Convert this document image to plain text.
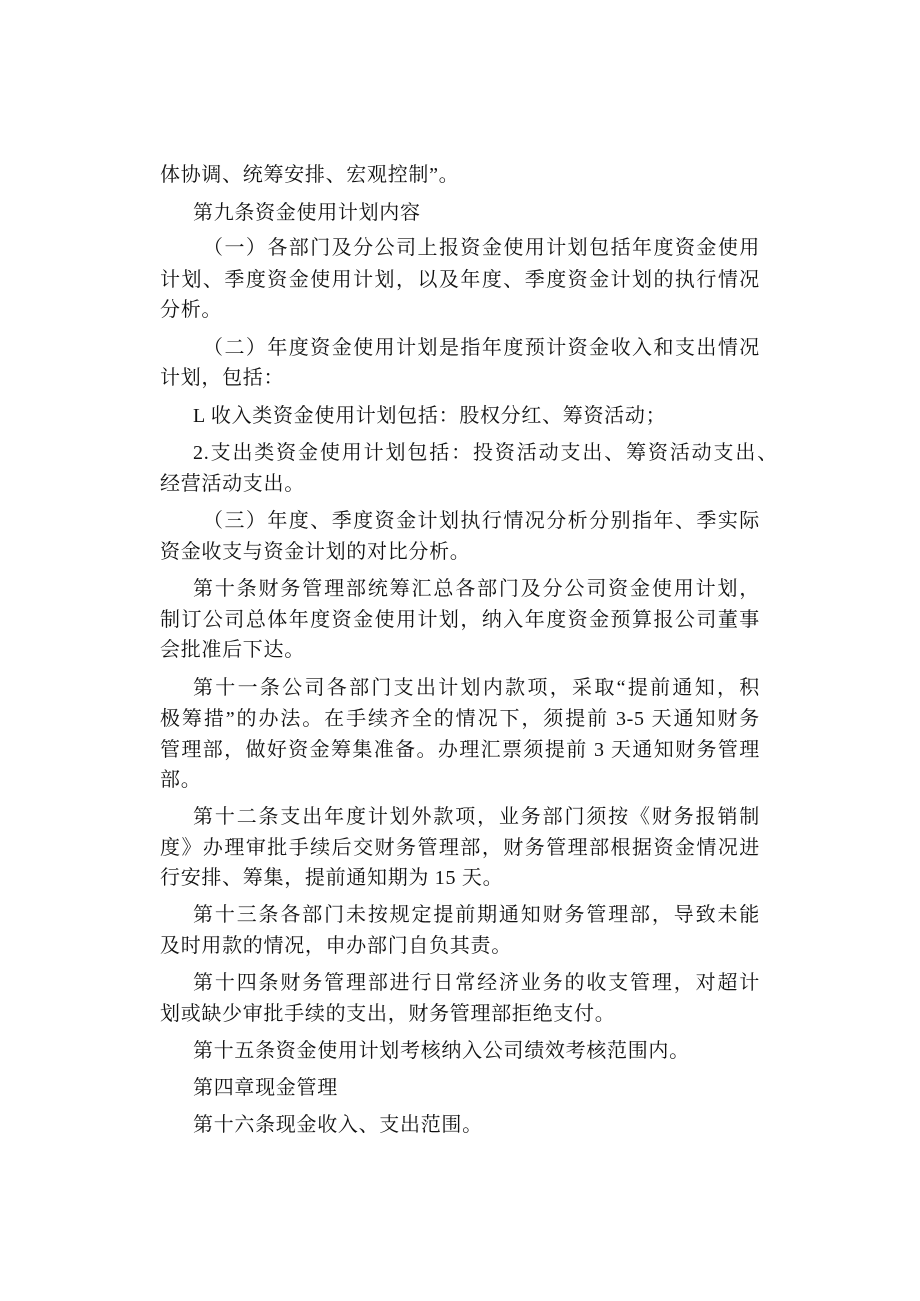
体协调、统筹安排、宏观控制”。
第九条资金使用计划内容
（一）各部门及分公司上报资金使用计划包括年度资金使用
计划、季度资金使用计划，以及年度、季度资金计划的执行情况
分析。
（二）年度资金使用计划是指年度预计资金收入和支出情况
计划，包括：
L 收入类资金使用计划包括：股权分红、筹资活动；
2.支出类资金使用计划包括：投资活动支出、筹资活动支出、
经营活动支出。
（三）年度、季度资金计划执行情况分析分别指年、季实际
资金收支与资金计划的对比分析。
第十条财务管理部统筹汇总各部门及分公司资金使用计划，
制订公司总体年度资金使用计划，纳入年度资金预算报公司董事
会批准后下达。
第十一条公司各部门支出计划内款项，采取“提前通知，积
极筹措”的办法。在手续齐全的情况下，须提前 3-5 天通知财务
管理部，做好资金筹集准备。办理汇票须提前 3 天通知财务管理
部。
第十二条支出年度计划外款项，业务部门须按《财务报销制
度》办理审批手续后交财务管理部，财务管理部根据资金情况进
行安排、筹集，提前通知期为 15 天。
第十三条各部门未按规定提前期通知财务管理部，导致未能
及时用款的情况，申办部门自负其责。
第十四条财务管理部进行日常经济业务的收支管理，对超计
划或缺少审批手续的支出，财务管理部拒绝支付。
第十五条资金使用计划考核纳入公司绩效考核范围内。
第四章现金管理
第十六条现金收入、支出范围。
